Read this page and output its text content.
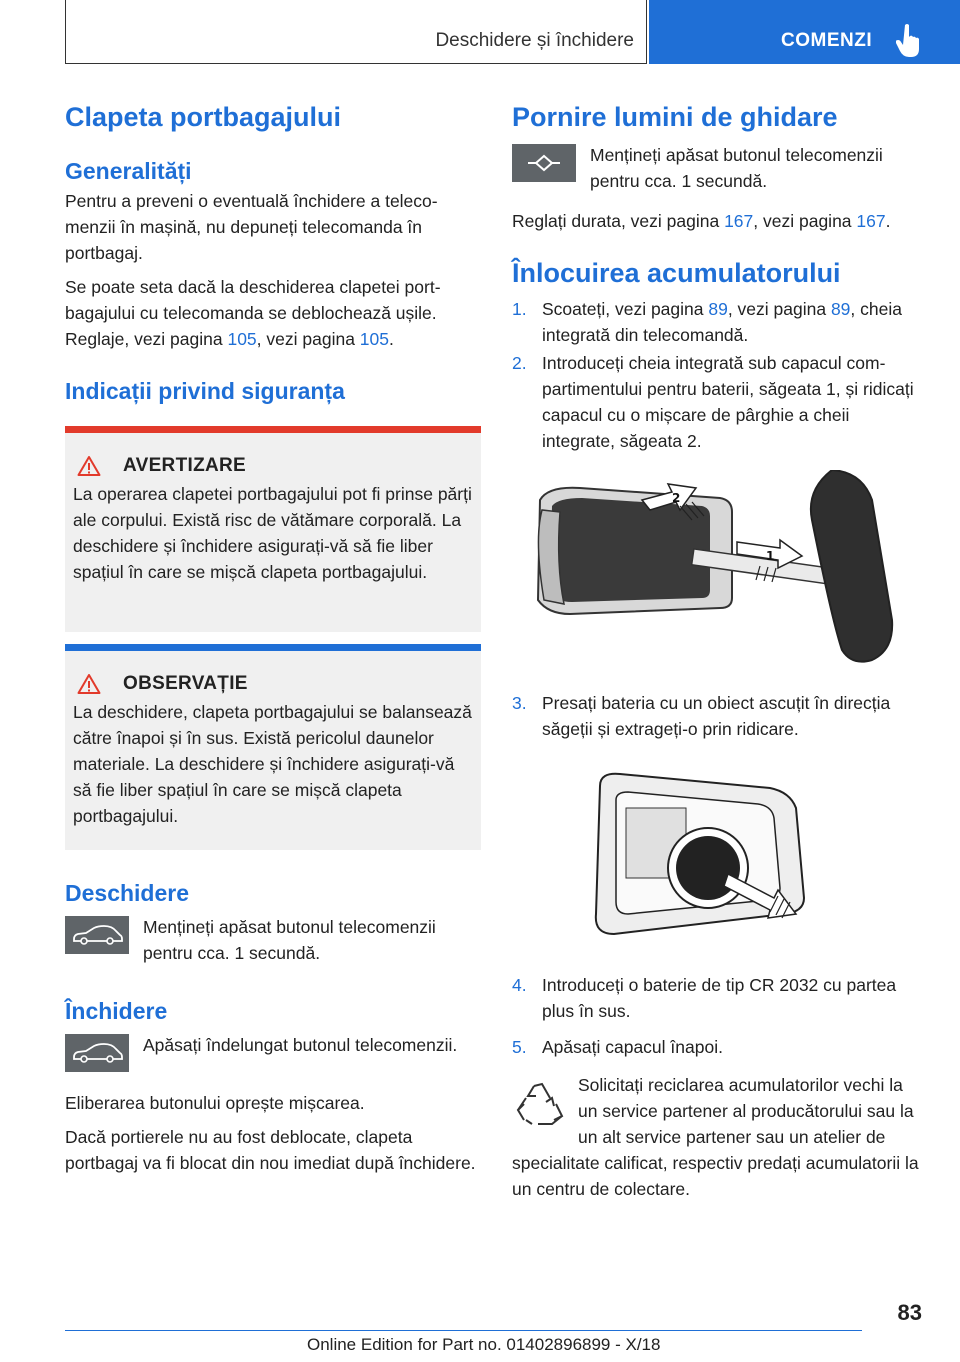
Deschidere și închidere	COMENZI
Clapeta portbagajului
Generalități

Pentru a preveni o eventuală închidere a telecomenzii în mașină, nu depuneți telecomanda în portbagaj.

Se poate seta dacă la deschiderea clapetei portbagajului cu telecomanda se deblochează ușile. Reglaje, vezi pagina 105, vezi pagina 105.

Indicații privind siguranța
AVERTIZARE

La operarea clapetei portbagajului pot fi prinse părți ale corpului. Există risc de vătămare corporală. La deschidere și închidere asigurați-vă să fie liber spațiul în care se mișcă clapeta portbagajului.

OBSERVAȚIE

La deschidere, clapeta portbagajului se balansează către înapoi și în sus. Există pericolul daunelor materiale. La deschidere și închidere asigurați-vă să fie liber spațiul în care se mișcă clapeta portbagajului.

Deschidere

Mențineți apăsat butonul telecomenzii pentru cca. 1 secundă.

Închidere

Apăsați îndelungat butonul telecomenzii.

Eliberarea butonului oprește mișcarea.

Dacă portierele nu au fost deblocate, clapeta portbagaj va fi blocat din nou imediat după închidere.

Pornire lumini de ghidare

Mențineți apăsat butonul telecomenzii pentru cca. 1 secundă.

Reglați durata, vezi pagina 167, vezi pagina 167.

Înlocuirea acumulatorului
1. Scoateți, vezi pagina 89, vezi pagina 89, cheia integrată din telecomandă.
2. Introduceți cheia integrată sub capacul compartimentului pentru baterii, săgeata 1, și ridicați capacul cu o mișcare de pârghie a cheii integrate, săgeata 2.
1
2
3. Presați bateria cu un obiect ascuțit în direcția săgeții și extrageți-o prin ridicare.
4. Introduceți o baterie de tip CR 2032 cu partea plus în sus.
5. Apăsați capacul înapoi.

Solicitați reciclarea acumulatorilor vechi la un service partener al producătorului sau la un alt service partener sau un atelier de specialitate calificat, respectiv predați acumulatorii la un centru de colectare.

83
Online Edition for Part no. 01402896899 - X/18
